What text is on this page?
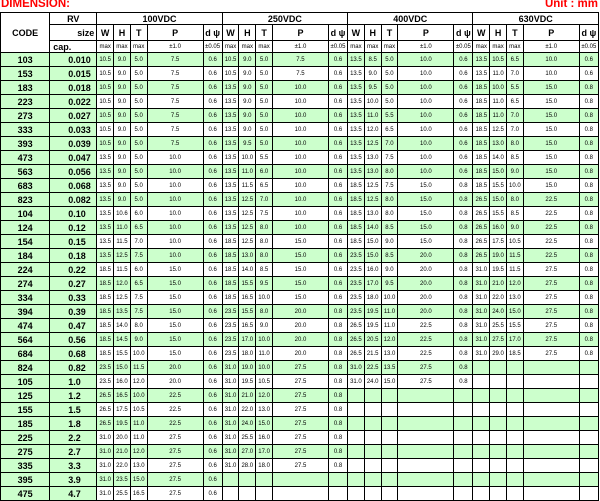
DIMENSION:	Unit : mm
CODE	RV	100VDC					250VDC					400VDC					630VDC				

	size	W	H	T	P	d ψ	W	H	T	P	d ψ	W	H	T	P	d ψ	W	H	T	P	d ψ

	cap.	max	max	max	±1.0	±0.05	max	max	max	±1.0	±0.05	max	max	max	±1.0	±0.05	max	max	max	±1.0	±0.05
103	0.010	10.5	9.0	5.0	7.5	0.6	10.5	9.0	5.0	7.5	0.6	13.5	8.5	5.0	10.0	0.6	13.5	10.5	6.5	10.0	0.6
153	0.015	10.5	9.0	5.0	7.5	0.6	10.5	9.0	5.0	7.5	0.6	13.5	9.0	5.0	10.0	0.6	13.5	11.0	7.0	10.0	0.6
183	0.018	10.5	9.0	5.0	7.5	0.6	13.5	9.0	5.0	10.0	0.6	13.5	9.5	5.0	10.0	0.6	18.5	10.0	5.5	15.0	0.8
223	0.022	10.5	9.0	5.0	7.5	0.6	13.5	9.0	5.0	10.0	0.6	13.5	10.0	5.0	10.0	0.6	18.5	11.0	6.5	15.0	0.8
273	0.027	10.5	9.0	5.0	7.5	0.6	13.5	9.0	5.0	10.0	0.6	13.5	11.0	5.5	10.0	0.6	18.5	11.0	7.0	15.0	0.8
333	0.033	10.5	9.0	5.0	7.5	0.6	13.5	9.0	5.0	10.0	0.6	13.5	12.0	6.5	10.0	0.6	18.5	12.5	7.0	15.0	0.8
393	0.039	10.5	9.0	5.0	7.5	0.6	13.5	9.5	5.0	10.0	0.6	13.5	12.5	7.0	10.0	0.6	18.5	13.0	8.0	15.0	0.8
473	0.047	13.5	9.0	5.0	10.0	0.6	13.5	10.0	5.5	10.0	0.6	13.5	13.0	7.5	10.0	0.6	18.5	14.0	8.5	15.0	0.8
563	0.056	13.5	9.0	5.0	10.0	0.6	13.5	11.0	6.0	10.0	0.6	13.5	13.0	8.0	10.0	0.6	18.5	15.0	9.0	15.0	0.8
683	0.068	13.5	9.0	5.0	10.0	0.6	13.5	11.5	6.5	10.0	0.6	18.5	12.5	7.5	15.0	0.8	18.5	15.5	10.0	15.0	0.8
823	0.082	13.5	9.0	5.0	10.0	0.6	13.5	12.5	7.0	10.0	0.6	18.5	12.5	8.0	15.0	0.8	26.5	15.0	8.0	22.5	0.8
104	0.10	13.5	10.6	6.0	10.0	0.6	13.5	12.5	7.5	10.0	0.6	18.5	13.0	8.0	15.0	0.8	26.5	15.5	8.5	22.5	0.8
124	0.12	13.5	11.0	6.5	10.0	0.6	13.5	12.5	8.0	10.0	0.6	18.5	14.0	8.5	15.0	0.8	26.5	16.0	9.0	22.5	0.8
154	0.15	13.5	11.5	7.0	10.0	0.6	18.5	12.5	8.0	15.0	0.6	18.5	15.0	9.0	15.0	0.8	26.5	17.5	10.5	22.5	0.8
184	0.18	13.5	12.5	7.5	10.0	0.6	18.5	13.0	8.0	15.0	0.6	23.5	15.0	8.5	20.0	0.8	26.5	19.0	11.5	22.5	0.8
224	0.22	18.5	11.5	6.0	15.0	0.6	18.5	14.0	8.5	15.0	0.6	23.5	16.0	9.0	20.0	0.8	31.0	19.5	11.5	27.5	0.8
274	0.27	18.5	12.0	6.5	15.0	0.6	18.5	15.5	9.5	15.0	0.6	23.5	17.0	9.5	20.0	0.8	31.0	21.0	12.0	27.5	0.8
334	0.33	18.5	12.5	7.5	15.0	0.6	18.5	16.5	10.0	15.0	0.6	23.5	18.0	10.0	20.0	0.8	31.0	22.0	13.0	27.5	0.8
394	0.39	18.5	13.5	7.5	15.0	0.6	23.5	15.5	8.0	20.0	0.8	23.5	19.5	11.0	20.0	0.8	31.0	24.0	15.0	27.5	0.8
474	0.47	18.5	14.0	8.0	15.0	0.6	23.5	16.5	9.0	20.0	0.8	26.5	19.5	11.0	22.5	0.8	31.0	25.5	15.5	27.5	0.8
564	0.56	18.5	14.5	9.0	15.0	0.6	23.5	17.0	10.0	20.0	0.8	26.5	20.5	12.0	22.5	0.8	31.0	27.5	17.0	27.5	0.8
684	0.68	18.5	15.5	10.0	15.0	0.6	23.5	18.0	11.0	20.0	0.8	26.5	21.5	13.0	22.5	0.8	31.0	29.0	18.5	27.5	0.8
824	0.82	23.5	15.0	11.5	20.0	0.6	31.0	19.0	10.0	27.5	0.8	31.0	22.5	13.5	27.5	0.8					
105	1.0	23.5	16.0	12.0	20.0	0.6	31.0	19.5	10.5	27.5	0.8	31.0	24.0	15.0	27.5	0.8					
125	1.2	26.5	16.5	10.0	22.5	0.6	31.0	21.0	12.0	27.5	0.8										
155	1.5	26.5	17.5	10.5	22.5	0.6	31.0	22.0	13.0	27.5	0.8										
185	1.8	26.5	19.5	11.0	22.5	0.6	31.0	24.0	15.0	27.5	0.8										
225	2.2	31.0	20.0	11.0	27.5	0.6	31.0	25.5	16.0	27.5	0.8										
275	2.7	31.0	21.0	12.0	27.5	0.6	31.0	27.0	17.0	27.5	0.8										
335	3.3	31.0	22.0	13.0	27.5	0.6	31.0	28.0	18.0	27.5	0.8										
395	3.9	31.0	23.5	15.0	27.5	0.6															
475	4.7	31.0	25.5	16.5	27.5	0.6															
